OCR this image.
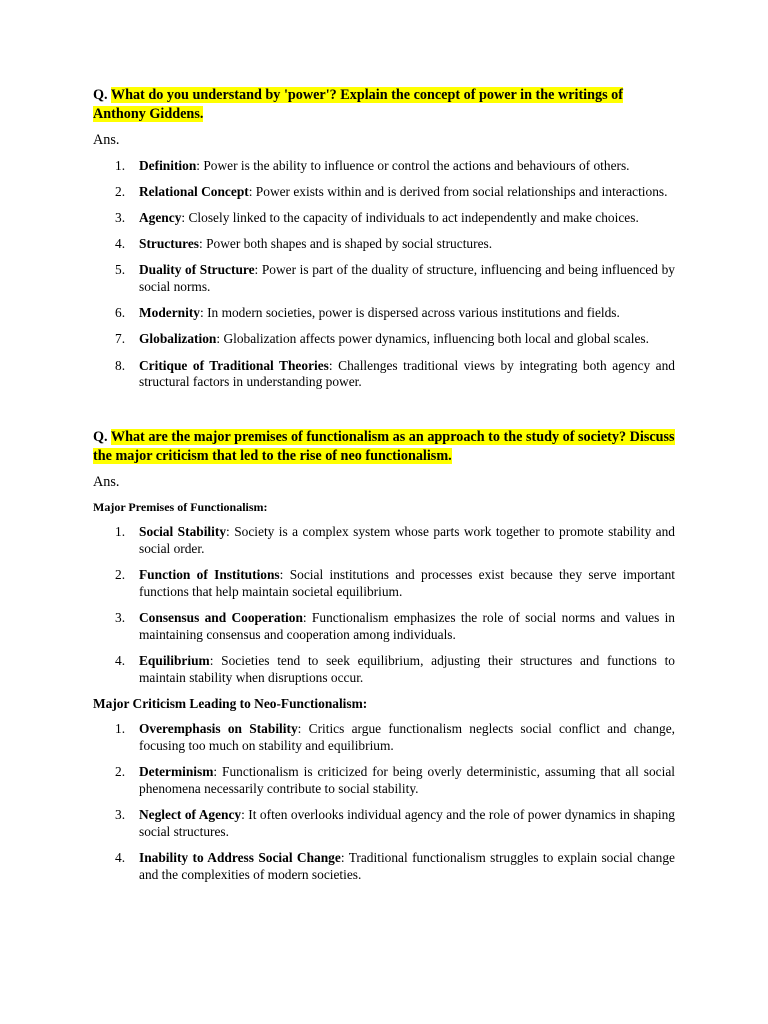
Q. What do you understand by 'power'? Explain the concept of power in the writings of Anthony Giddens.

Ans.
1. Definition: Power is the ability to influence or control the actions and behaviours of others.
2. Relational Concept: Power exists within and is derived from social relationships and interactions.
3. Agency: Closely linked to the capacity of individuals to act independently and make choices.
4. Structures: Power both shapes and is shaped by social structures.
5. Duality of Structure: Power is part of the duality of structure, influencing and being influenced by social norms.
6. Modernity: In modern societies, power is dispersed across various institutions and fields.
7. Globalization: Globalization affects power dynamics, influencing both local and global scales.
8. Critique of Traditional Theories: Challenges traditional views by integrating both agency and structural factors in understanding power.

Q. What are the major premises of functionalism as an approach to the study of society? Discuss the major criticism that led to the rise of neo functionalism.

Ans.
Major Premises of Functionalism:
1. Social Stability: Society is a complex system whose parts work together to promote stability and social order.
2. Function of Institutions: Social institutions and processes exist because they serve important functions that help maintain societal equilibrium.
3. Consensus and Cooperation: Functionalism emphasizes the role of social norms and values in maintaining consensus and cooperation among individuals.
4. Equilibrium: Societies tend to seek equilibrium, adjusting their structures and functions to maintain stability when disruptions occur.
Major Criticism Leading to Neo-Functionalism:
1. Overemphasis on Stability: Critics argue functionalism neglects social conflict and change, focusing too much on stability and equilibrium.
2. Determinism: Functionalism is criticized for being overly deterministic, assuming that all social phenomena necessarily contribute to social stability.
3. Neglect of Agency: It often overlooks individual agency and the role of power dynamics in shaping social structures.
4. Inability to Address Social Change: Traditional functionalism struggles to explain social change and the complexities of modern societies.
